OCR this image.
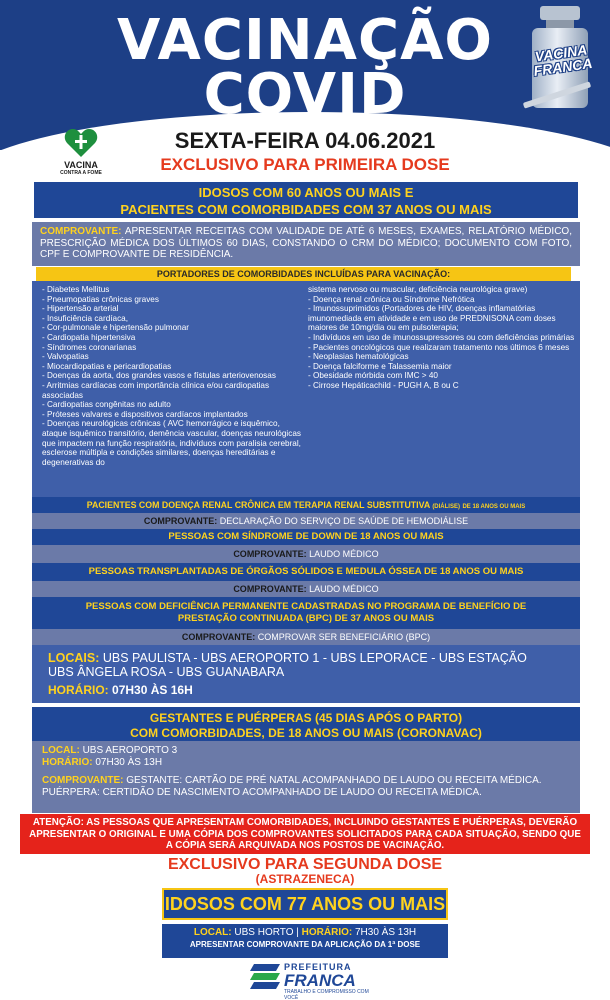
VACINAÇÃO
COVID
VACINA FRANCA
VACINA
CONTRA A FOME
SEXTA-FEIRA 04.06.2021
EXCLUSIVO PARA PRIMEIRA DOSE
IDOSOS COM 60 ANOS OU MAIS E
PACIENTES COM COMORBIDADES COM 37 ANOS OU MAIS
COMPROVANTE: APRESENTAR RECEITAS COM VALIDADE DE ATÉ 6 MESES, EXAMES, RELATÓRIO MÉDICO, PRESCRIÇÃO MÉDICA DOS ÚLTIMOS 60 DIAS, CONSTANDO O CRM DO MÉDICO; DOCUMENTO COM FOTO, CPF E COMPROVANTE DE RESIDÊNCIA.
- Diabetes Mellitus
- Pneumopatias crônicas graves
- Hipertensão arterial
- Insuficiência cardíaca,
- Cor-pulmonale e hipertensão pulmonar
- Cardiopatia hipertensiva
- Síndromes coronarianas
- Valvopatias
- Miocardiopatias e pericardiopatias
- Doenças da aorta, dos grandes vasos e fístulas arteriovenosas
- Arritmias cardíacas com importância clínica e/ou cardiopatias associadas
- Cardiopatias congênitas no adulto
- Próteses valvares e dispositivos cardíacos implantados
- Doenças neurológicas crônicas ( AVC hemorrágico e isquêmico, ataque isquêmico transitório, demência vascular, doenças neurológicas que impactem na função respiratória, indivíduos com paralisia cerebral, esclerose múltipla e condições similares, doenças hereditárias e degenerativas do
sistema nervoso ou muscular, deficiência neurológica grave)
- Doença renal crônica ou Síndrome Nefrótica
- Imunossuprimidos (Portadores de HIV, doenças inflamatórias imunomediada em atividade e em uso de PREDNISONA com doses maiores de 10mg/dia ou em pulsoterapia;
- Indivíduos em uso de imunossupressores ou com deficiências primárias
- Pacientes oncológicos que realizaram tratamento nos últimos 6 meses
- Neoplasias hematológicas
- Doença falciforme e Talassemia maior
- Obesidade mórbida com IMC > 40
- Cirrose Hepáticachild - PUGH A, B ou C
PORTADORES DE COMORBIDADES INCLUÍDAS PARA VACINAÇÃO:
PACIENTES COM DOENÇA RENAL CRÔNICA EM TERAPIA RENAL SUBSTITUTIVA (DIÁLISE) DE 18 ANOS OU MAIS
COMPROVANTE: DECLARAÇÃO DO SERVIÇO DE SAÚDE DE HEMODIÁLISE
PESSOAS COM SÍNDROME DE DOWN DE 18 ANOS OU MAIS
COMPROVANTE: LAUDO MÉDICO
PESSOAS TRANSPLANTADAS DE ÓRGÃOS SÓLIDOS E MEDULA ÓSSEA DE 18 ANOS OU MAIS
COMPROVANTE: LAUDO MÉDICO
PESSOAS COM DEFICIÊNCIA PERMANENTE CADASTRADAS NO PROGRAMA DE BENEFÍCIO DE
PRESTAÇÃO CONTINUADA (BPC) DE 37 ANOS OU MAIS
COMPROVANTE: COMPROVAR SER BENEFICIÁRIO (BPC)
LOCAIS: UBS PAULISTA - UBS AEROPORTO 1 - UBS LEPORACE - UBS ESTAÇÃO
UBS ÂNGELA ROSA - UBS GUANABARA
HORÁRIO: 07H30 ÀS 16H
GESTANTES E PUÉRPERAS (45 DIAS APÓS O PARTO)
COM COMORBIDADES, DE 18 ANOS OU MAIS (CORONAVAC)
LOCAL: UBS AEROPORTO 3
HORÁRIO: 07H30 ÀS 13H
COMPROVANTE: GESTANTE: CARTÃO DE PRÉ NATAL ACOMPANHADO DE LAUDO OU RECEITA MÉDICA.
PUÉRPERA: CERTIDÃO DE NASCIMENTO ACOMPANHADO DE LAUDO OU RECEITA MÉDICA.
ATENÇÃO: AS PESSOAS QUE APRESENTAM COMORBIDADES, INCLUINDO GESTANTES E PUÉRPERAS, DEVERÃO APRESENTAR O ORIGINAL E UMA CÓPIA DOS COMPROVANTES SOLICITADOS PARA CADA SITUAÇÃO, SENDO QUE A CÓPIA SERÁ ARQUIVADA NOS POSTOS DE VACINAÇÃO.
EXCLUSIVO PARA SEGUNDA DOSE
(ASTRAZENECA)
IDOSOS COM 77 ANOS OU MAIS
LOCAL: UBS HORTO | HORÁRIO: 7H30 ÀS 13H
APRESENTAR COMPROVANTE DA APLICAÇÃO DA 1ª DOSE
PREFEITURA
FRANCA
TRABALHO E COMPROMISSO COM VOCÊ
